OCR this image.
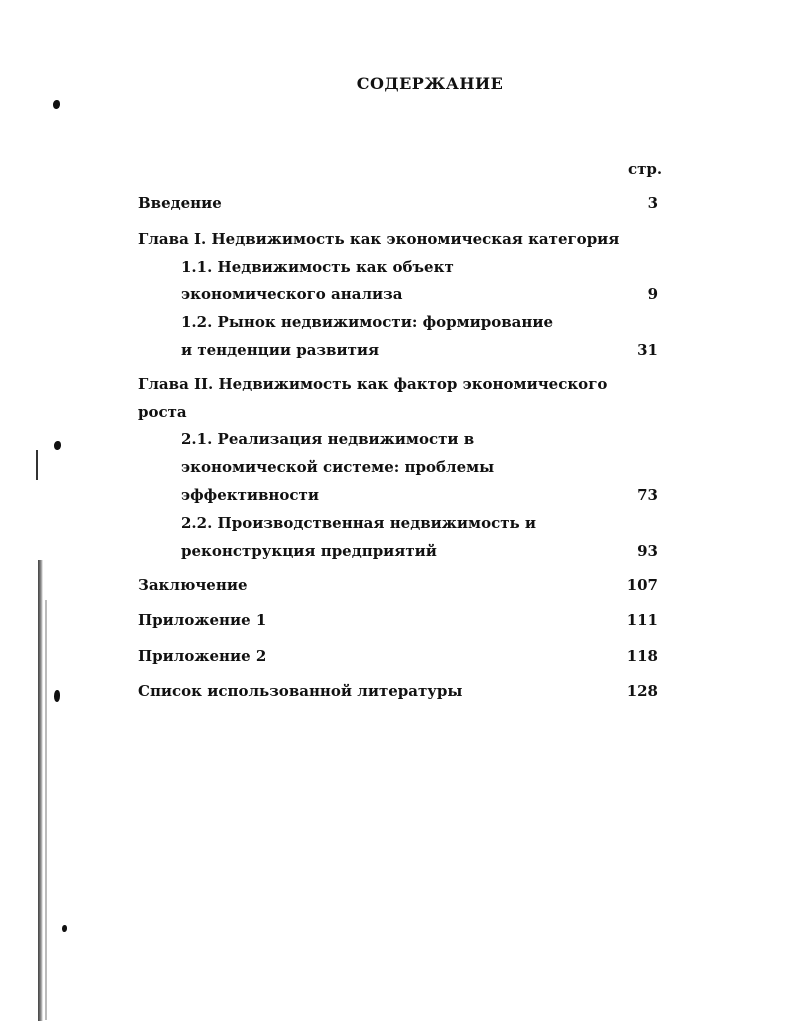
СОДЕРЖАНИЕ
стр.
Введение	3
Глава I. Недвижимость как экономическая категория
1.1. Недвижимость как объект
экономического анализа	9
1.2. Рынок недвижимости: формирование
и тенденции развития	31
Глава II. Недвижимость как фактор экономического
роста
2.1. Реализация недвижимости в
экономической системе: проблемы
эффективности	73
2.2. Производственная недвижимость и
реконструкция предприятий	93
Заключение	107
Приложение 1	111
Приложение 2	118
Список использованной литературы	128
